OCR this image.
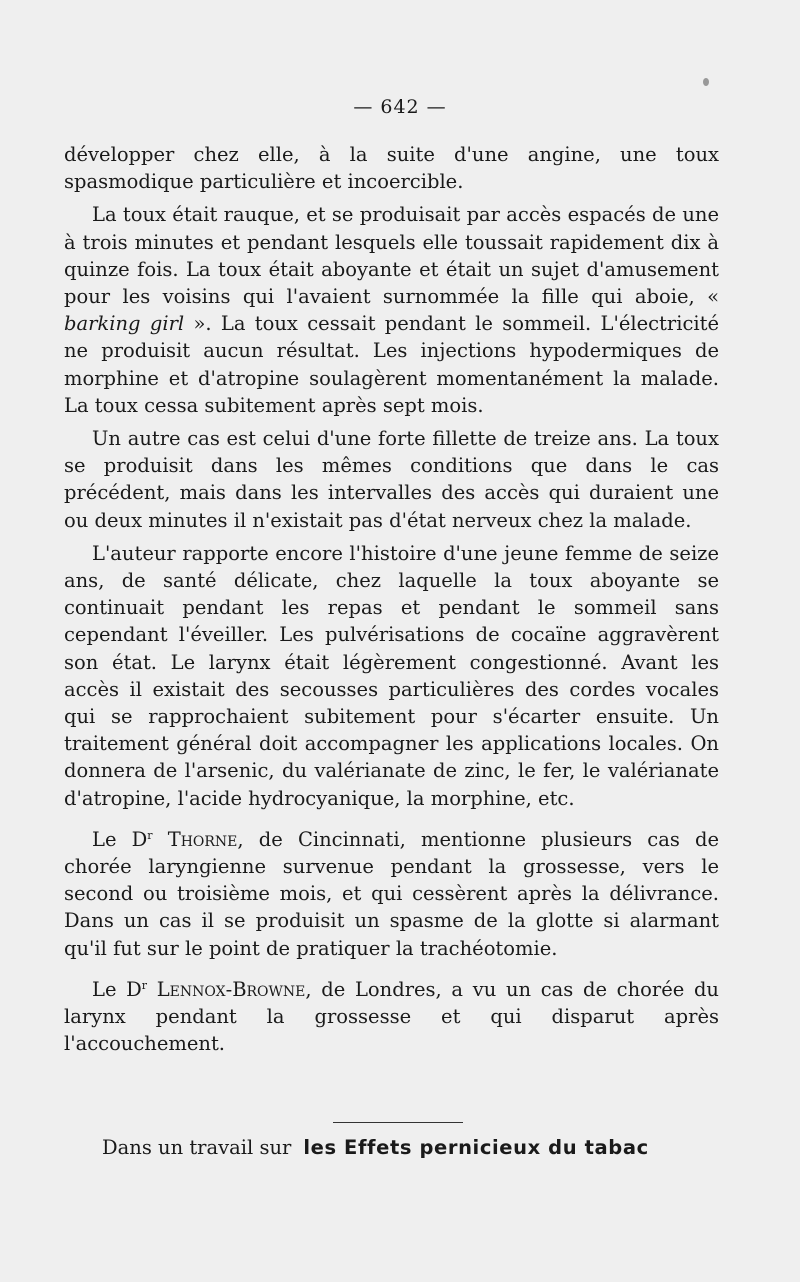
— 642 —

développer chez elle, à la suite d'une angine, une toux spasmodique particulière et incoercible.

La toux était rauque, et se produisait par accès espacés de une à trois minutes et pendant lesquels elle toussait rapidement dix à quinze fois. La toux était aboyante et était un sujet d'amusement pour les voisins qui l'avaient surnommée la fille qui aboie, « barking girl ». La toux cessait pendant le sommeil. L'électricité ne produisit aucun résultat. Les injections hypodermiques de morphine et d'atropine soulagèrent momentanément la malade. La toux cessa subitement après sept mois.

Un autre cas est celui d'une forte fillette de treize ans. La toux se produisit dans les mêmes conditions que dans le cas précédent, mais dans les intervalles des accès qui duraient une ou deux minutes il n'existait pas d'état nerveux chez la malade.

L'auteur rapporte encore l'histoire d'une jeune femme de seize ans, de santé délicate, chez laquelle la toux aboyante se continuait pendant les repas et pendant le sommeil sans cependant l'éveiller. Les pulvérisations de cocaïne aggravèrent son état. Le larynx était légèrement congestionné. Avant les accès il existait des secousses particulières des cordes vocales qui se rapprochaient subitement pour s'écarter ensuite. Un traitement général doit accompagner les applications locales. On donnera de l'arsenic, du valérianate de zinc, le fer, le valérianate d'atropine, l'acide hydrocyanique, la morphine, etc.

Le $D^r$ Thorne, de Cincinnati, mentionne plusieurs cas de chorée laryngienne survenue pendant la grossesse, vers le second ou troisième mois, et qui cessèrent après la délivrance. Dans un cas il se produisit un spasme de la glotte si alarmant qu'il fut sur le point de pratiquer la trachéotomie.

Le $D^r$ Lennox-Browne, de Londres, a vu un cas de chorée du larynx pendant la grossesse et qui disparut après l'accouchement.

Dans un travail sur les Effets pernicieux du tabac
